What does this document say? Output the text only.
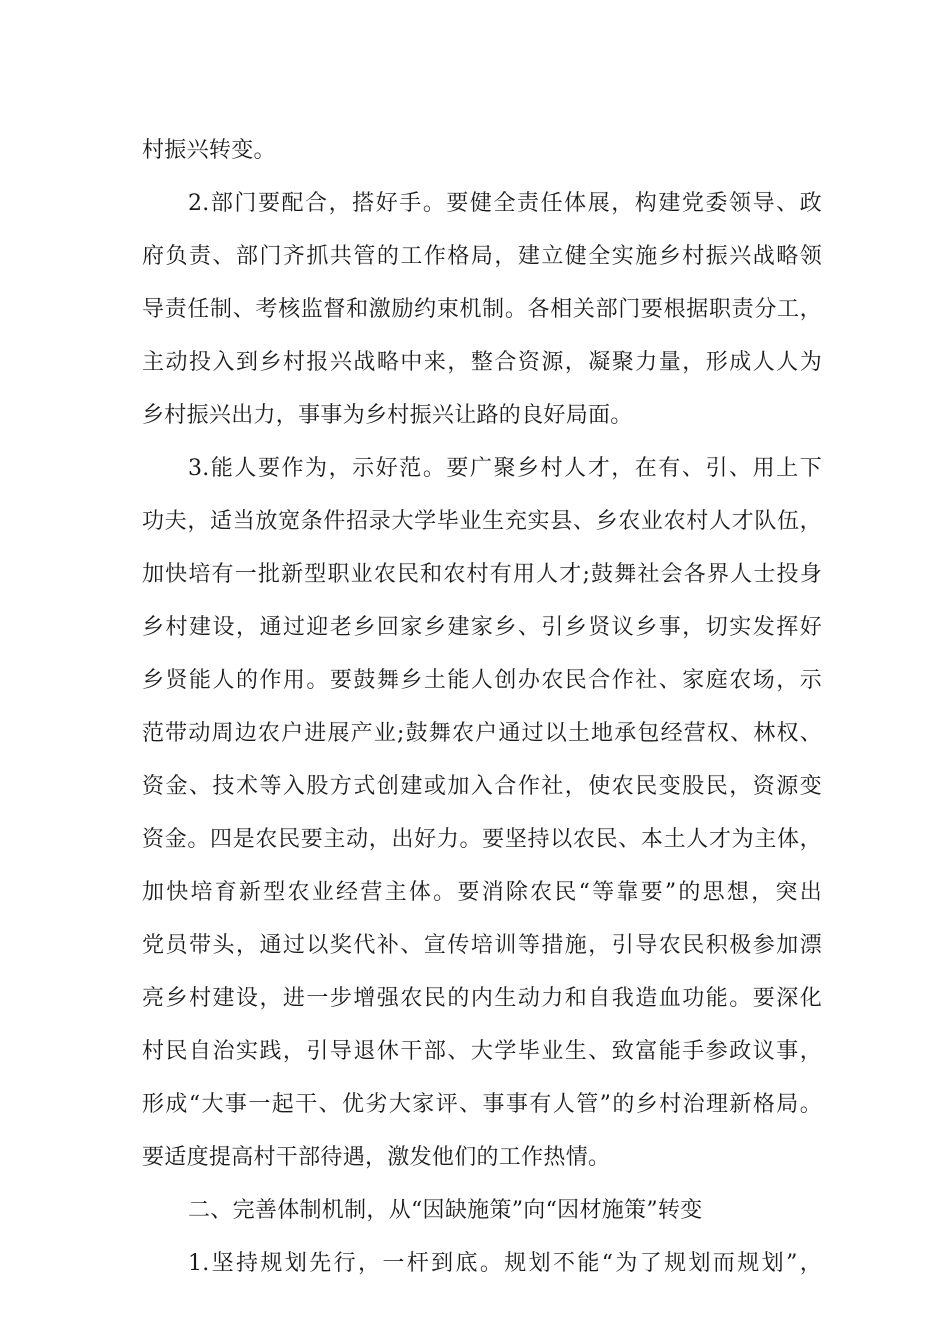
村振兴转变。
2.部门要配合，搭好手。要健全责任体展，构建党委领导、政
府负责、部门齐抓共管的工作格局，建立健全实施乡村振兴战略领
导责任制、考核监督和激励约束机制。各相关部门要根据职责分工，
主动投入到乡村报兴战略中来，整合资源，凝聚力量，形成人人为
乡村振兴出力，事事为乡村振兴让路的良好局面。
3.能人要作为，示好范。要广聚乡村人才，在有、引、用上下
功夫，适当放宽条件招录大学毕业生充实县、乡农业农村人才队伍，
加快培有一批新型职业农民和农村有用人才;鼓舞社会各界人士投身
乡村建设，通过迎老乡回家乡建家乡、引乡贤议乡事，切实发挥好
乡贤能人的作用。要鼓舞乡土能人创办农民合作社、家庭农场，示
范带动周边农户进展产业;鼓舞农户通过以土地承包经营权、林权、
资金、技术等入股方式创建或加入合作社，使农民变股民，资源变
资金。四是农民要主动，出好力。要坚持以农民、本土人才为主体，
加快培育新型农业经营主体。要消除农民“等靠要”的思想，突出
党员带头，通过以奖代补、宣传培训等措施，引导农民积极参加漂
亮乡村建设，进一步增强农民的内生动力和自我造血功能。要深化
村民自治实践，引导退休干部、大学毕业生、致富能手参政议事，
形成“大事一起干、优劣大家评、事事有人管”的乡村治理新格局。
要适度提高村干部待遇，激发他们的工作热情。
二、完善体制机制，从“因缺施策”向“因材施策”转变
1.坚持规划先行，一杆到底。规划不能“为了规划而规划”，
